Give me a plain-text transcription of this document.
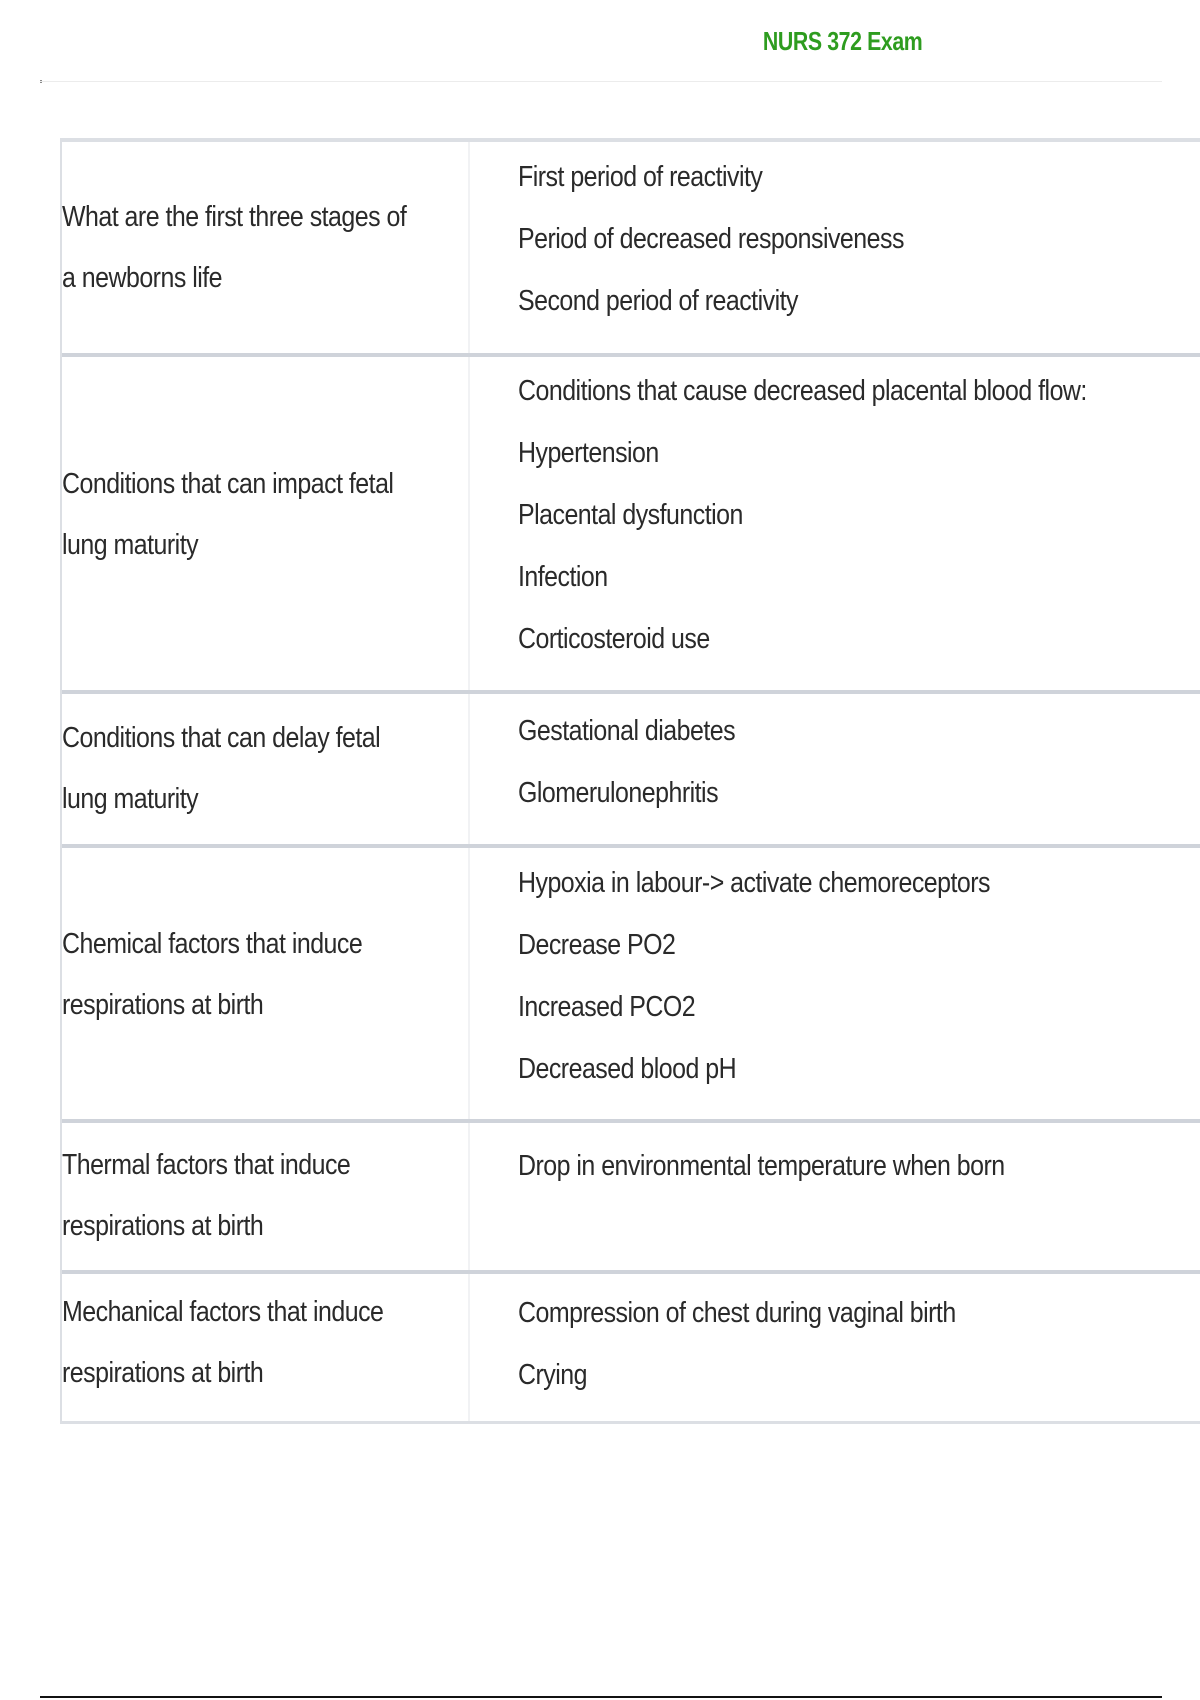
NURS 372 Exam
What are the first three stages of a newborns life
First period of reactivity
Period of decreased responsiveness
Second period of reactivity
Conditions that can impact fetal lung maturity
Conditions that cause decreased placental blood flow:
Hypertension
Placental dysfunction
Infection
Corticosteroid use
Conditions that can delay fetal lung maturity
Gestational diabetes
Glomerulonephritis
Chemical factors that induce respirations at birth
Hypoxia in labour-> activate chemoreceptors
Decrease PO2
Increased PCO2
Decreased blood pH
Thermal factors that induce respirations at birth
Drop in environmental temperature when born
Mechanical factors that induce respirations at birth
Compression of chest during vaginal birth
Crying
